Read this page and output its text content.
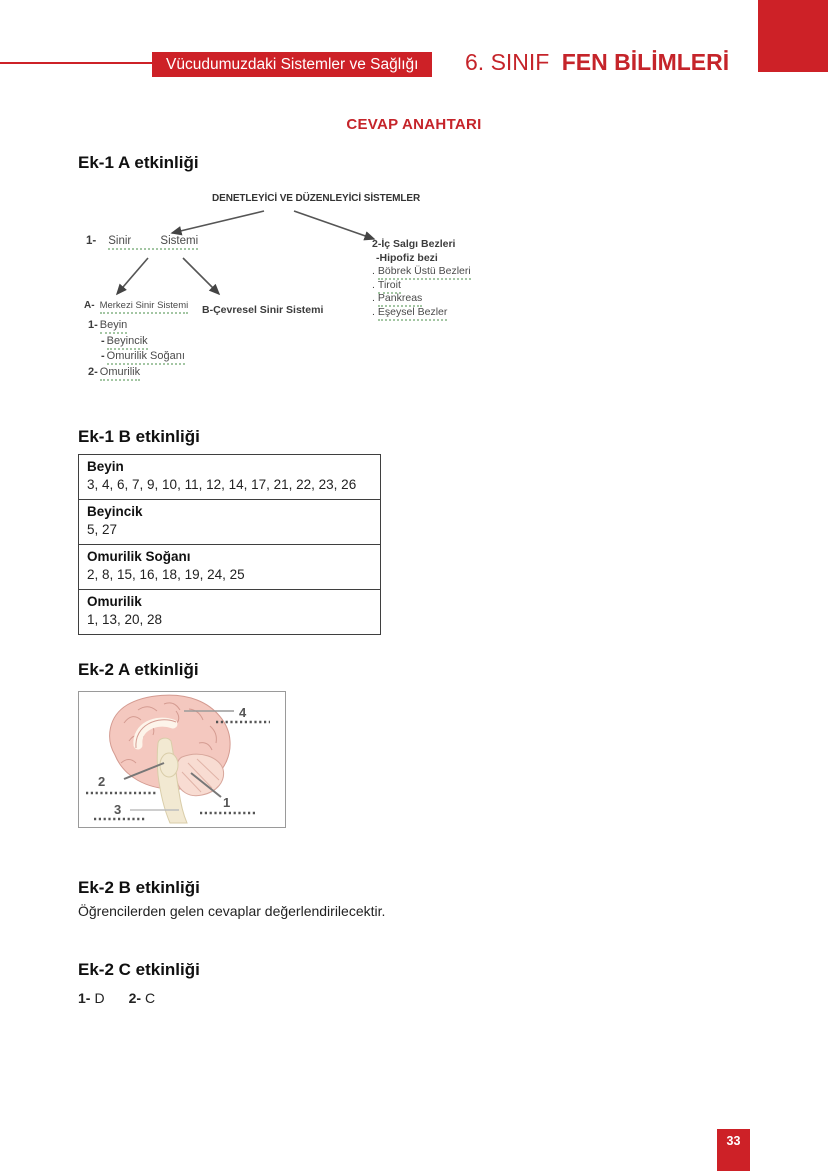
Vücudumuzdaki Sistemler ve Sağlığı	6. SINIF FEN BİLİMLERİ
CEVAP ANAHTARI
Ek-1 A etkinliği
DENETLEYİCİ VE DÜZENLEYİCİ SİSTEMLER
1- Sinir Sistemi
A- Merkezi Sinir Sistemi B-Çevresel Sinir Sistemi
1- Beyin
- Beyincik
- Omurilik Soğanı
2- Omurilik
2-İç Salgı Bezleri
-Hipofiz bezi
. Böbrek Üstü Bezleri
. Tiroit
. Pankreas
. Eşeysel Bezler
Ek-1 B etkinliği
Beyin
3, 4, 6, 7, 9, 10, 11, 12, 14, 17, 21, 22, 23, 26

Beyincik
5, 27

Omurilik Soğanı
2, 8, 15, 16, 18, 19, 24, 25

Omurilik
1, 13, 20, 28
Ek-2 A etkinliği
4
2
3	1
Ek-2 B etkinliği
Öğrencilerden gelen cevaplar değerlendirilecektir.
Ek-2 C etkinliği
1- D 2- C
33
